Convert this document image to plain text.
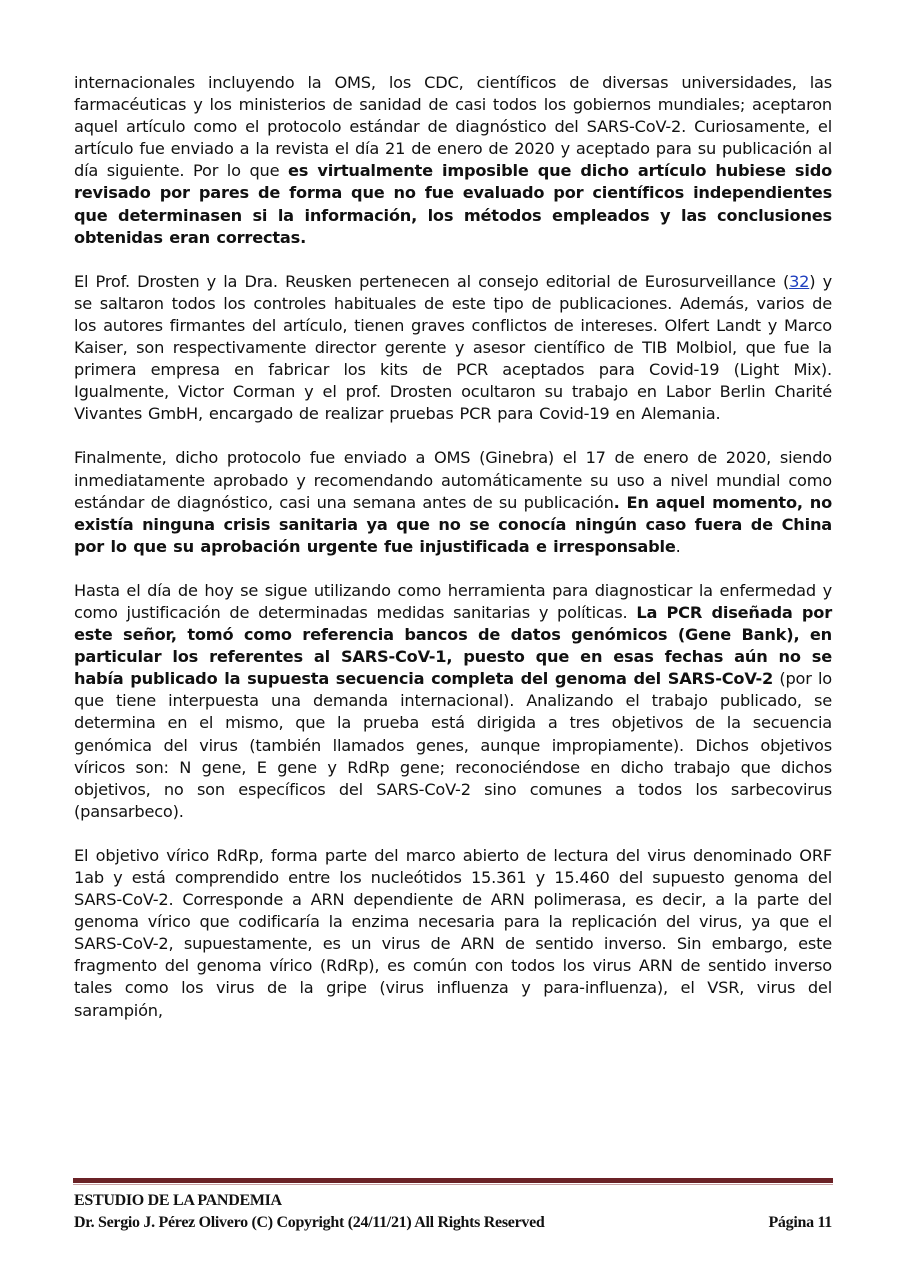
internacionales incluyendo la OMS, los CDC, científicos de diversas universidades, las farmacéuticas y los ministerios de sanidad de casi todos los gobiernos mundiales; aceptaron aquel artículo como el protocolo estándar de diagnóstico del SARS-CoV-2. Curiosamente, el artículo fue enviado a la revista el día 21 de enero de 2020 y aceptado para su publicación al día siguiente. Por lo que es virtualmente imposible que dicho artículo hubiese sido revisado por pares de forma que no fue evaluado por científicos independientes que determinasen si la información, los métodos empleados y las conclusiones obtenidas eran correctas.

El Prof. Drosten y la Dra. Reusken pertenecen al consejo editorial de Eurosurveillance (32) y se saltaron todos los controles habituales de este tipo de publicaciones. Además, varios de los autores firmantes del artículo, tienen graves conflictos de intereses. Olfert Landt y Marco Kaiser, son respectivamente director gerente y asesor científico de TIB Molbiol, que fue la primera empresa en fabricar los kits de PCR aceptados para Covid-19 (Light Mix). Igualmente, Victor Corman y el prof. Drosten ocultaron su trabajo en Labor Berlin Charité Vivantes GmbH, encargado de realizar pruebas PCR para Covid-19 en Alemania.

Finalmente, dicho protocolo fue enviado a OMS (Ginebra) el 17 de enero de 2020, siendo inmediatamente aprobado y recomendando automáticamente su uso a nivel mundial como estándar de diagnóstico, casi una semana antes de su publicación. En aquel momento, no existía ninguna crisis sanitaria ya que no se conocía ningún caso fuera de China por lo que su aprobación urgente fue injustificada e irresponsable.

Hasta el día de hoy se sigue utilizando como herramienta para diagnosticar la enfermedad y como justificación de determinadas medidas sanitarias y políticas. La PCR diseñada por este señor, tomó como referencia bancos de datos genómicos (Gene Bank), en particular los referentes al SARS-CoV-1, puesto que en esas fechas aún no se había publicado la supuesta secuencia completa del genoma del SARS-CoV-2 (por lo que tiene interpuesta una demanda internacional). Analizando el trabajo publicado, se determina en el mismo, que la prueba está dirigida a tres objetivos de la secuencia genómica del virus (también llamados genes, aunque impropiamente). Dichos objetivos víricos son: N gene, E gene y RdRp gene; reconociéndose en dicho trabajo que dichos objetivos, no son específicos del SARS-CoV-2 sino comunes a todos los sarbecovirus (pansarbeco).

El objetivo vírico RdRp, forma parte del marco abierto de lectura del virus denominado ORF 1ab y está comprendido entre los nucleótidos 15.361 y 15.460 del supuesto genoma del SARS-CoV-2. Corresponde a ARN dependiente de ARN polimerasa, es decir, a la parte del genoma vírico que codificaría la enzima necesaria para la replicación del virus, ya que el SARS-CoV-2, supuestamente, es un virus de ARN de sentido inverso. Sin embargo, este fragmento del genoma vírico (RdRp), es común con todos los virus ARN de sentido inverso tales como los virus de la gripe (virus influenza y para-influenza), el VSR, virus del sarampión,

ESTUDIO DE LA PANDEMIA
Dr. Sergio J. Pérez Olivero (C) Copyright (24/11/21) All Rights Reserved	Página 11
